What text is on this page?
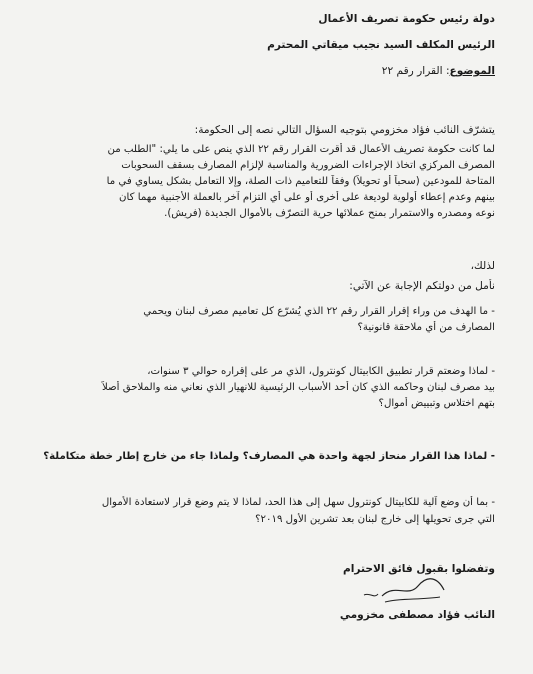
دولة رئيس حكومة تصريف الأعمال
الرئيس المكلف السيد نجيب ميقاتي المحترم
الموضوع: القرار رقم ٢٢
يتشرّف النائب فؤاد مخزومي بتوجيه السؤال التالي نصه إلى الحكومة:
لما كانت حكومة تصريف الأعمال قد أقرت القرار رقم ٢٢ الذي ينص على ما يلي: "الطلب من
المصرف المركزي اتخاذ الإجراءات الضرورية والمناسبة لإلزام المصارف بسقف السحوبات
المتاحة للمودعين (سحباً أو تحويلاً) وفقاً للتعاميم ذات الصلة، وإلا التعامل بشكل يساوي في ما
بينهم وعدم إعطاء أولوية لوديعة على أخرى أو على أي التزام آخر بالعملة الأجنبية مهما كان
نوعه ومصدره والاستمرار بمنح عملائها حرية التصرّف بالأموال الجديدة (فريش).
لذلك،
نأمل من دولتكم الإجابة عن الآتي:
- ما الهدف من وراء إقرار القرار رقم ٢٢ الذي يُشرّع كل تعاميم مصرف لبنان ويحمي
المصارف من أي ملاحقة قانونية؟
- لماذا وضعتم قرار تطبيق الكابيتال كونترول، الذي مر على إقراره حوالي ٣ سنوات،
بيد مصرف لبنان وحاكمه الذي كان أحد الأسباب الرئيسية للانهيار الذي نعاني منه والملاحق أصلاً
بتهم اختلاس وتبييض أموال؟
- لماذا هذا القرار منحاز لجهة واحدة هي المصارف؟ ولماذا جاء من خارج إطار خطة متكاملة؟
- بما أن وضع آلية للكابيتال كونترول سهل إلى هذا الحد، لماذا لا يتم وضع قرار لاستعادة الأموال
التي جرى تحويلها إلى خارج لبنان بعد تشرين الأول ٢٠١٩؟
وتفضلوا بقبول فائق الاحترام
النائب فؤاد مصطفى مخزومي
